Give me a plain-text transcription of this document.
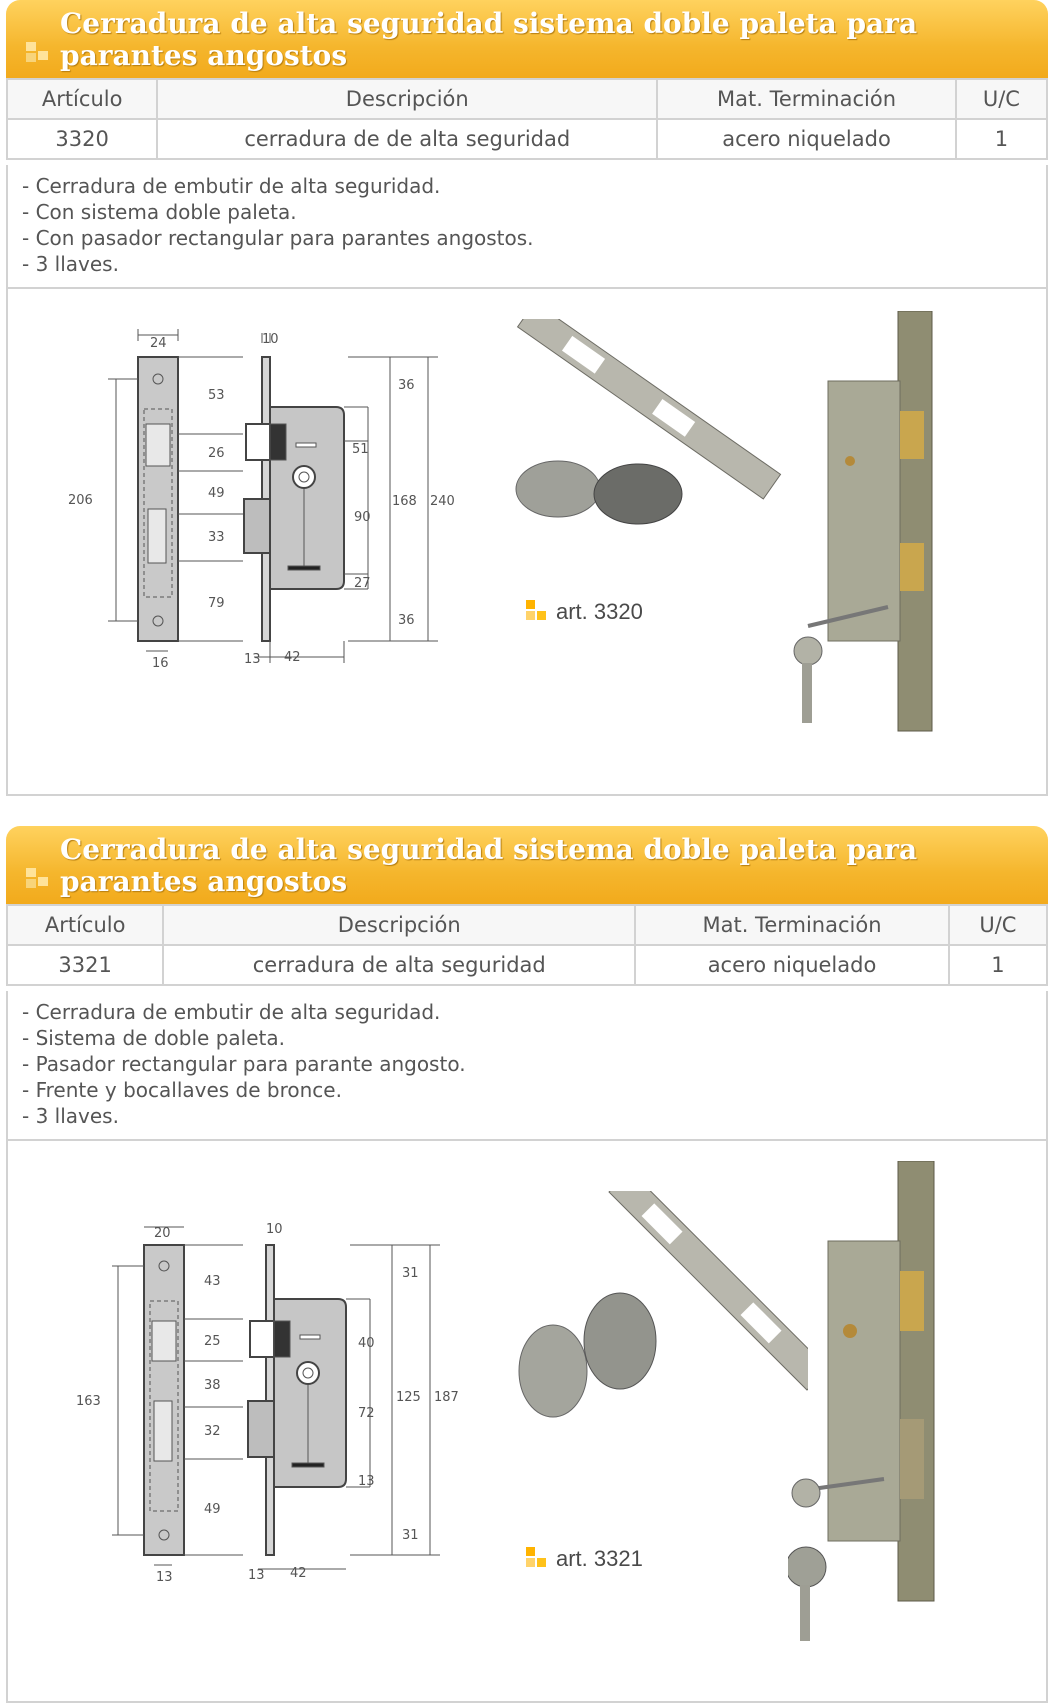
Cerradura de alta seguridad sistema doble paleta para parantes angostos
Artículo	Descripción	Mat. Terminación	U/C
3320	cerradura de de alta seguridad	acero niquelado	1
- Cerradura de embutir de alta seguridad.
- Con sistema doble paleta.
- Con pasador rectangular para parantes angostos.
- 3 llaves.
24
16
206
53
26
49
33
79
10
36
36
168 240
51
90
27
13 42
art. 3320
Cerradura de alta seguridad sistema doble paleta para parantes angostos
Artículo	Descripción	Mat. Terminación	U/C
3321	cerradura de alta seguridad	acero niquelado	1
- Cerradura de embutir de alta seguridad.
- Sistema de doble paleta.
- Pasador rectangular para parante angosto.
- Frente y bocallaves de bronce.
- 3 llaves.
20
13
163
43
25
38
32
49
10
31
31
125 187
40
72
13
13 42
art. 3321
